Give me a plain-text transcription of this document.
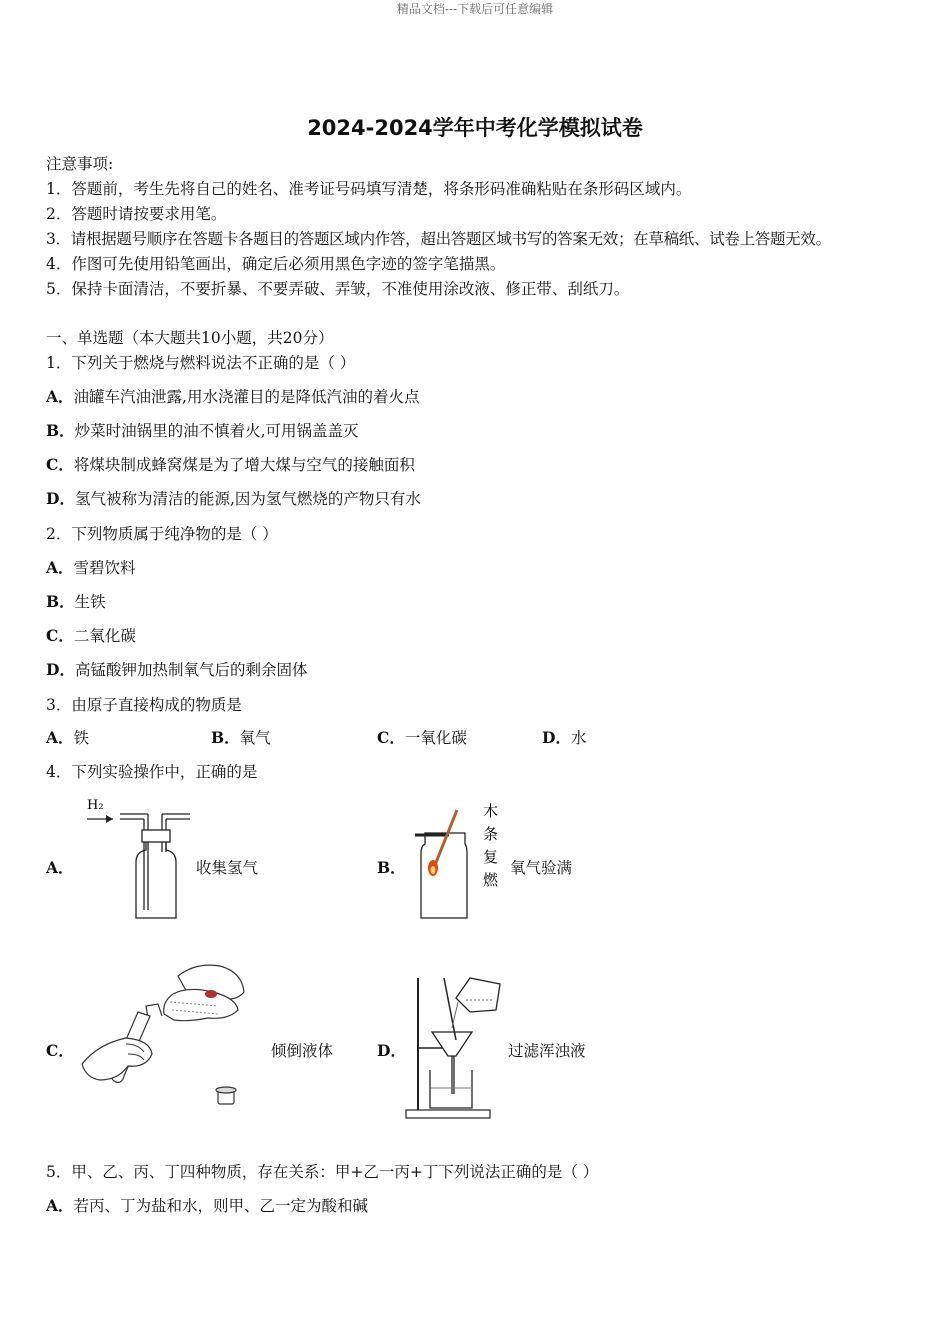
精品文档---下载后可任意编辑
2024-2024学年中考化学模拟试卷
注意事项:
1．答题前，考生先将自己的姓名、准考证号码填写清楚，将条形码准确粘贴在条形码区域内。
2．答题时请按要求用笔。
3．请根据题号顺序在答题卡各题目的答题区域内作答，超出答题区域书写的答案无效；在草稿纸、试卷上答题无效。
4．作图可先使用铅笔画出，确定后必须用黑色字迹的签字笔描黑。
5．保持卡面清洁，不要折暴、不要弄破、弄皱，不准使用涂改液、修正带、刮纸刀。
一、单选题（本大题共10小题，共20分）
1．下列关于燃烧与燃料说法不正确的是（ ）
A．油罐车汽油泄露,用水浇灌目的是降低汽油的着火点
B．炒菜时油锅里的油不慎着火,可用锅盖盖灭
C．将煤块制成蜂窝煤是为了增大煤与空气的接触面积
D．氢气被称为清洁的能源,因为氢气燃烧的产物只有水
2．下列物质属于纯净物的是（ ）
A．雪碧饮料
B．生铁
C．二氧化碳
D．高锰酸钾加热制氧气后的剩余固体
3．由原子直接构成的物质是
A．铁	B．氧气	C．一氧化碳	D．水
4．下列实验操作中，正确的是
A．	收集氢气
H₂
B．	氧气验满
木
条
复
燃
C．	倾倒液体	D．	过滤浑浊液
5．甲、乙、丙、丁四种物质，存在关系：甲+乙一丙+丁下列说法正确的是（ ）
A．若丙、丁为盐和水，则甲、乙一定为酸和碱
